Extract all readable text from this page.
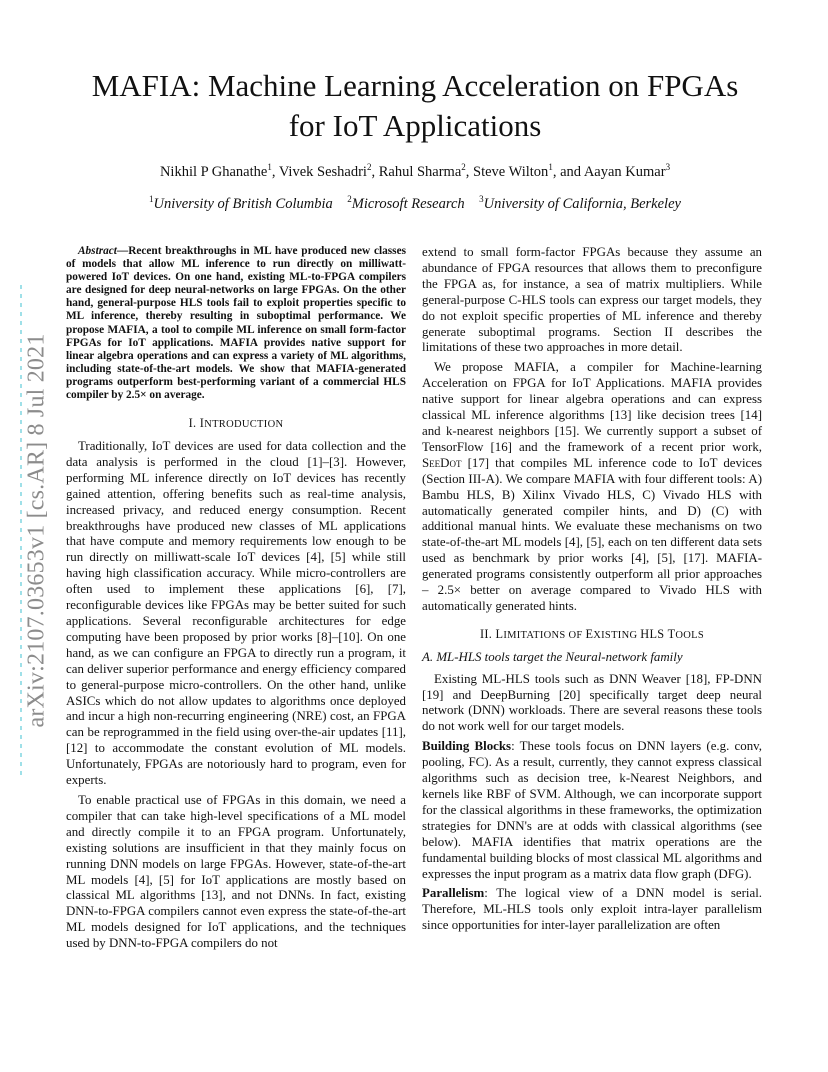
arXiv:2107.03653v1 [cs.AR] 8 Jul 2021
MAFIA: Machine Learning Acceleration on FPGAs
for IoT Applications
Nikhil P Ghanathe$^1$, Vivek Seshadri$^2$, Rahul Sharma$^2$, Steve Wilton$^1$, and Aayan Kumar$^3$
$^1$University of British Columbia $^2$Microsoft Research $^3$University of California, Berkeley

Abstract—Recent breakthroughs in ML have produced new classes of models that allow ML inference to run directly on milliwatt-powered IoT devices. On one hand, existing ML-to-FPGA compilers are designed for deep neural-networks on large FPGAs. On the other hand, general-purpose HLS tools fail to exploit properties specific to ML inference, thereby resulting in suboptimal performance. We propose MAFIA, a tool to compile ML inference on small form-factor FPGAs for IoT applications. MAFIA provides native support for linear algebra operations and can express a variety of ML algorithms, including state-of-the-art models. We show that MAFIA-generated programs outperform best-performing variant of a commercial HLS compiler by 2.5× on average.

I. INTRODUCTION

Traditionally, IoT devices are used for data collection and the data analysis is performed in the cloud [1]–[3]. However, performing ML inference directly on IoT devices has recently gained attention, offering benefits such as real-time analysis, increased privacy, and reduced energy consumption. Recent breakthroughs have produced new classes of ML applications that have compute and memory requirements low enough to be run directly on milliwatt-scale IoT devices [4], [5] while still having high classification accuracy. While micro-controllers are often used to implement these applications [6], [7], reconfigurable devices like FPGAs may be better suited for such applications. Several reconfigurable architectures for edge computing have been proposed by prior works [8]–[10]. On one hand, as we can configure an FPGA to directly run a program, it can deliver superior performance and energy efficiency compared to general-purpose micro-controllers. On the other hand, unlike ASICs which do not allow updates to algorithms once deployed and incur a high non-recurring engineering (NRE) cost, an FPGA can be reprogrammed in the field using over-the-air updates [11], [12] to accommodate the constant evolution of ML models. Unfortunately, FPGAs are notoriously hard to program, even for experts.

To enable practical use of FPGAs in this domain, we need a compiler that can take high-level specifications of a ML model and directly compile it to an FPGA program. Unfortunately, existing solutions are insufficient in that they mainly focus on running DNN models on large FPGAs. However, state-of-the-art ML models [4], [5] for IoT applications are mostly based on classical ML algorithms [13], and not DNNs. In fact, existing DNN-to-FPGA compilers cannot even express the state-of-the-art ML models designed for IoT applications, and the techniques used by DNN-to-FPGA compilers do not

extend to small form-factor FPGAs because they assume an abundance of FPGA resources that allows them to preconfigure the FPGA as, for instance, a sea of matrix multipliers. While general-purpose C-HLS tools can express our target models, they do not exploit specific properties of ML inference and thereby generate suboptimal programs. Section II describes the limitations of these two approaches in more detail.

We propose MAFIA, a compiler for Machine-learning Acceleration on FPGA for IoT Applications. MAFIA provides native support for linear algebra operations and can express classical ML inference algorithms [13] like decision trees [14] and k-nearest neighbors [15]. We currently support a subset of TensorFlow [16] and the framework of a recent prior work, SeeDot [17] that compiles ML inference code to IoT devices (Section III-A). We compare MAFIA with four different tools: A) Bambu HLS, B) Xilinx Vivado HLS, C) Vivado HLS with automatically generated compiler hints, and D) (C) with additional manual hints. We evaluate these mechanisms on two state-of-the-art ML models [4], [5], each on ten different data sets used as benchmark by prior works [4], [5], [17]. MAFIA-generated programs consistently outperform all prior approaches – 2.5× better on average compared to Vivado HLS with automatically generated hints.

II. LIMITATIONS OF EXISTING HLS TOOLS
A. ML-HLS tools target the Neural-network family

Existing ML-HLS tools such as DNN Weaver [18], FP-DNN [19] and DeepBurning [20] specifically target deep neural network (DNN) workloads. There are several reasons these tools do not work well for our target models.

Building Blocks: These tools focus on DNN layers (e.g. conv, pooling, FC). As a result, currently, they cannot express classical algorithms such as decision tree, k-Nearest Neighbors, and kernels like RBF of SVM. Although, we can incorporate support for the classical algorithms in these frameworks, the optimization strategies for DNN's are at odds with classical algorithms (see below). MAFIA identifies that matrix operations are the fundamental building blocks of most classical ML algorithms and expresses the input program as a matrix data flow graph (DFG).

Parallelism: The logical view of a DNN model is serial. Therefore, ML-HLS tools only exploit intra-layer parallelism since opportunities for inter-layer parallelization are often
